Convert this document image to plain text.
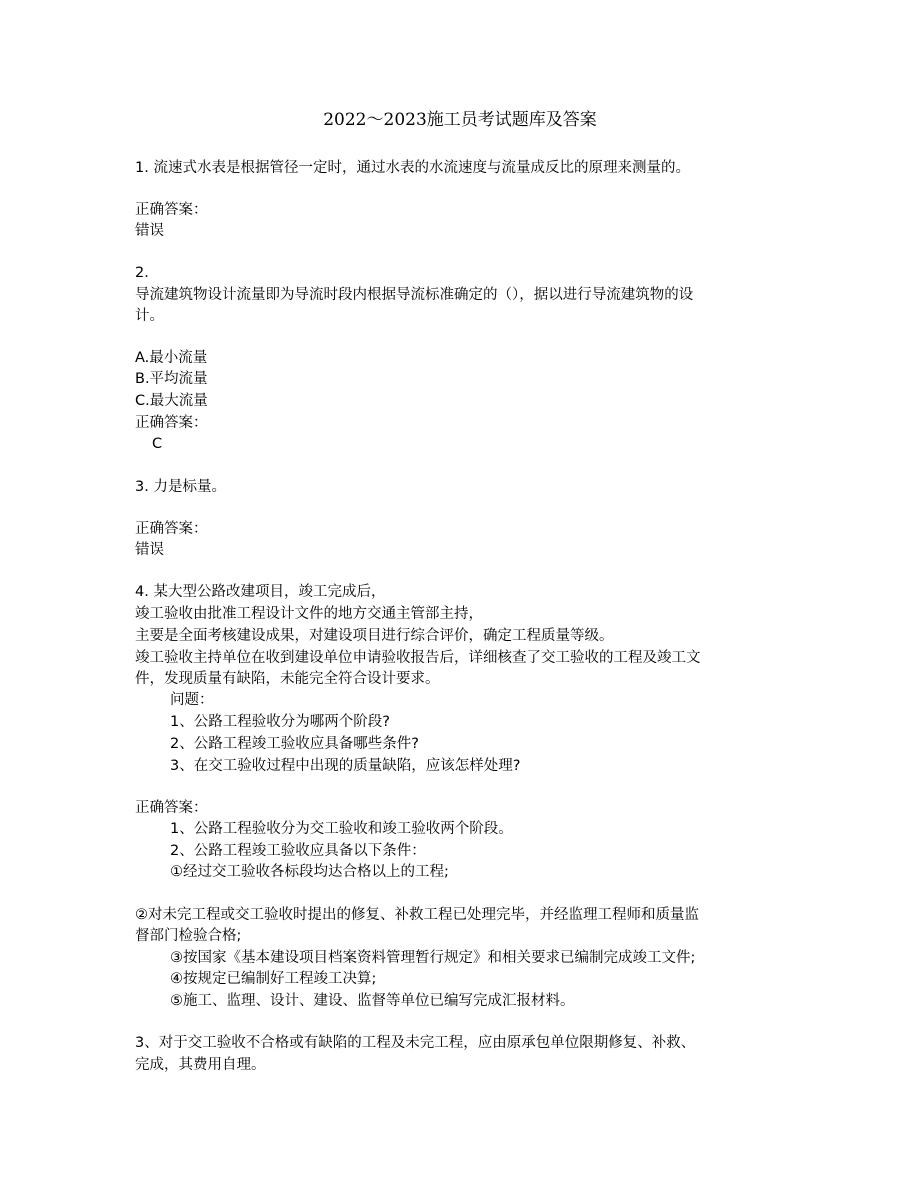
2022～2023施工员考试题库及答案
1. 流速式水表是根据管径一定时，通过水表的水流速度与流量成反比的原理来测量的。
正确答案：
错误
2.
导流建筑物设计流量即为导流时段内根据导流标准确定的（），据以进行导流建筑物的设
计。
A.最小流量
B.平均流量
C.最大流量
正确答案：
C
3. 力是标量。
正确答案：
错误
4. 某大型公路改建项目，竣工完成后，
竣工验收由批准工程设计文件的地方交通主管部主持，
主要是全面考核建设成果，对建设项目进行综合评价，确定工程质量等级。
竣工验收主持单位在收到建设单位申请验收报告后，详细核查了交工验收的工程及竣工文
件，发现质量有缺陷，未能完全符合设计要求。
问题：
1、公路工程验收分为哪两个阶段?
2、公路工程竣工验收应具备哪些条件?
3、在交工验收过程中出现的质量缺陷，应该怎样处理?
正确答案：
1、公路工程验收分为交工验收和竣工验收两个阶段。
2、公路工程竣工验收应具备以下条件：
①经过交工验收各标段均达合格以上的工程;
②对未完工程或交工验收时提出的修复、补救工程已处理完毕，并经监理工程师和质量监
督部门检验合格;
③按国家《基本建设项目档案资料管理暂行规定》和相关要求已编制完成竣工文件;
④按规定已编制好工程竣工决算;
⑤施工、监理、设计、建设、监督等单位已编写完成汇报材料。
3、对于交工验收不合格或有缺陷的工程及未完工程，应由原承包单位限期修复、补救、
完成，其费用自理。
